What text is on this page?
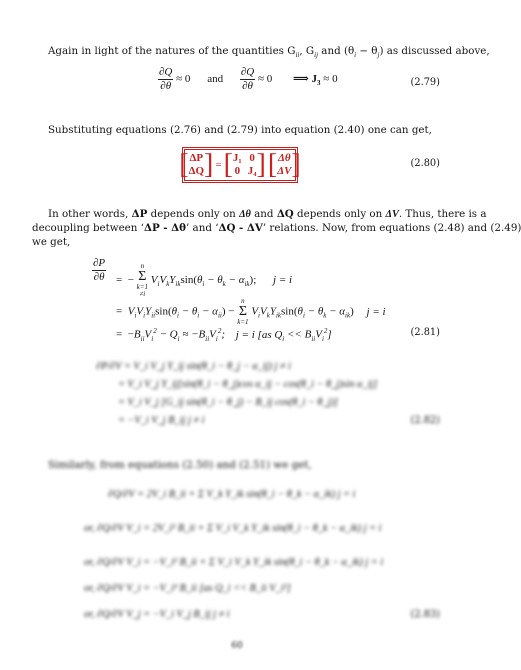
Again in light of the natures of the quantities $G_{ii}$, $G_{ij}$ and $(\theta_i - \theta_j)$ as discussed above,
$\frac{\partial Q}{\partial\theta} \approx 0$ and $\frac{\partial Q}{\partial\theta} \approx 0$ ⟹ $J_3 \approx 0$	(2.79)
Substituting equations (2.76) and (2.79) into equation (2.40) one can get,
[ ΔP
ΔQ ] = [ J₁ 0
0 J₄ ] [ Δθ
ΔV ]	(2.80)
In other words, ΔP depends only on Δθ and ΔQ depends only on ΔV. Thus, there is a
decoupling between ‘ΔP - Δθ’ and ‘ΔQ - ΔV’ relations. Now, from equations (2.48) and (2.49)
we get,
$\frac{\partial P}{\partial\theta}$ =  −
n
Σ
k=1
≠i
$V_iV_kY_{ik}\sin(\theta_i - \theta_k - \alpha_{ik})$; j = i
=  $V_iV_iY_{ii}\sin(\theta_i - \theta_i - \alpha_{ii})$ −
n
Σ
k=1
$V_iV_kY_{ik}\sin(\theta_i - \theta_k - \alpha_{ik}) j = i$
=  $-B_{ii}V_i^2 - Q_i \approx -B_{ii}V_i^2$; j = i [as $Q_i << B_{ii}V_i^2$]	(2.81)
∂P/∂V = V_i V_j Y_ij sin(θ_i − θ_j − α_ij) j ≠ i
= V_i V_j Y_ij[sin(θ_i − θ_j)cos α_ij − cos(θ_i − θ_j)sin α_ij]
= V_i V_j [G_ij sin(θ_i − θ_j) − B_ij cos(θ_i − θ_j)]
= −V_i V_j B_ij j ≠ i	(2.82)
Similarly, from equations (2.50) and (2.51) we get,
∂Q/∂V = 2V_i B_ii + Σ V_k Y_ik sin(θ_i − θ_k − α_ik) j = i
or, ∂Q/∂V V_i = 2V_i² B_ii + Σ V_i V_k Y_ik sin(θ_i − θ_k − α_ik) j = i
or, ∂Q/∂V V_i = −V_i² B_ii + Σ V_i V_k Y_ik sin(θ_i − θ_k − α_ik) j = i
or, ∂Q/∂V V_i = −V_i² B_ii [as Q_i << B_ii V_i²]
or, ∂Q/∂V V_j = −V_i V_j B_ij j ≠ i	(2.83)
60
